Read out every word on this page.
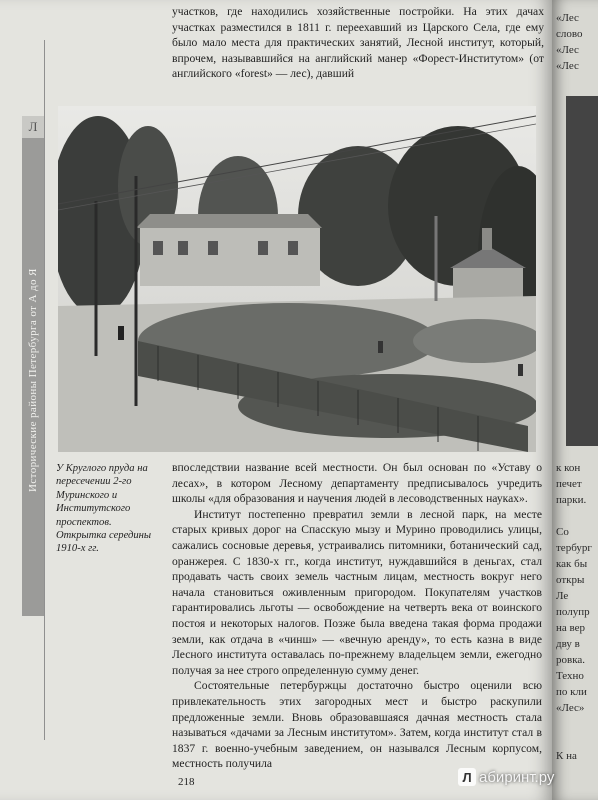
Л
Исторические районы Петербурга от А до Я

участков, где находились хозяйственные постройки. На этих дачах участках разместился в 1811 г. переехавший из Царского Села, где ему было мало места для практических занятий, Лесной институт, который, впрочем, называвшийся на английский манер «Форест-Институтом» (от английского «forest» — лес), давший

У Круглого пруда на пересечении 2-го Муринского и Институтского проспектов. Открытка середины 1910-х гг.

впоследствии название всей местности. Он был основан по «Уставу о лесах», в котором Лесному департаменту предписывалось учредить школы «для образования и научения людей в лесоводственных науках».

Институт постепенно превратил земли в лесной парк, на месте старых кривых дорог на Спасскую мызу и Мурино проводились улицы, сажались сосновые деревья, устраивались питомники, ботанический сад, оранжерея. С 1830-х гг., когда институт, нуждавшийся в деньгах, стал продавать часть своих земель частным лицам, местность вокруг него начала становиться оживленным пригородом. Покупателям участков гарантировались льготы — освобождение на четверть века от воинского постоя и некоторых налогов. Позже была введена такая форма продажи земли, как отдача в «чинш» — «вечную аренду», то есть казна в виде Лесного института оставалась по-прежнему владельцем земли, ежегодно получая за нее строго определенную сумму денег.

Состоятельные петербуржцы достаточно быстро оценили всю привлекательность этих загородных мест и быстро раскупили предложенные земли. Вновь образовавшаяся дачная местность стала называться «дачами за Лесным институтом». Затем, когда институт стал в 1837 г. военно-учебным заведением, он назывался Лесным корпусом, местность получила

218
«Лес
слово
«Лес
«Лес
к кон
печет
парки.
Со
тербург
как бы
откры
Ле
полупр
на вер
дву в
ровка.
Техно
по кли
«Лес»
К на
Л абиринт.ру
